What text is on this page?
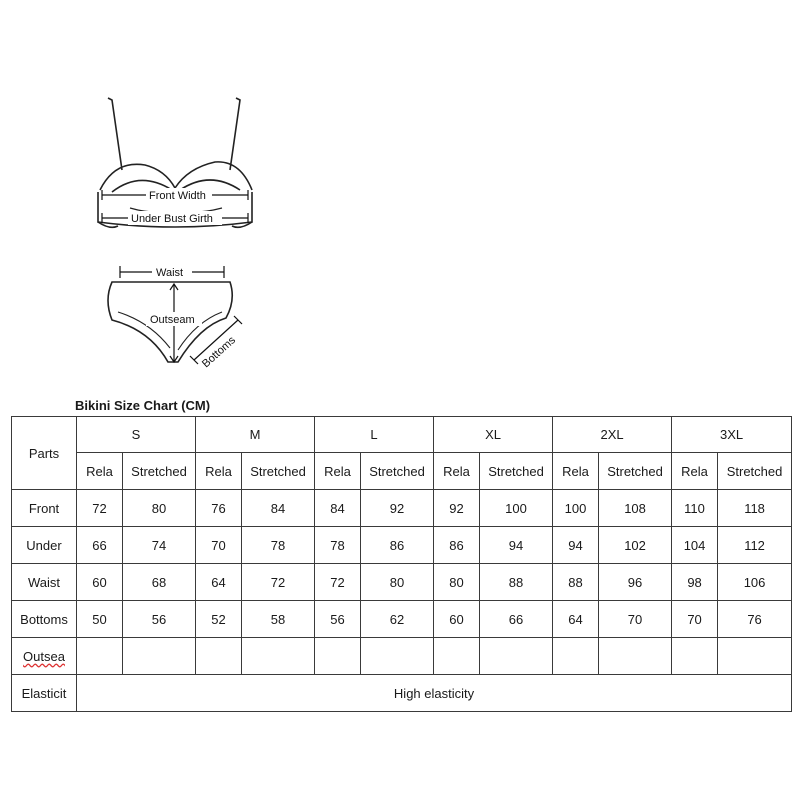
Front Width
Under Bust Girth
Waist
Outseam
Bottoms
Bikini Size Chart (CM)
Parts	S		M		L		XL		2XL		3XL	
	Rela	Stretched	Rela	Stretched	Rela	Stretched	Rela	Stretched	Rela	Stretched	Rela	Stretched
Front	72	80	76	84	84	92	92	100	100	108	110	118
Under	66	74	70	78	78	86	86	94	94	102	104	112
Waist	60	68	64	72	72	80	80	88	88	96	98	106
Bottoms	50	56	52	58	56	62	60	66	64	70	70	76
Outsea												
Elasticit	High elasticity											
